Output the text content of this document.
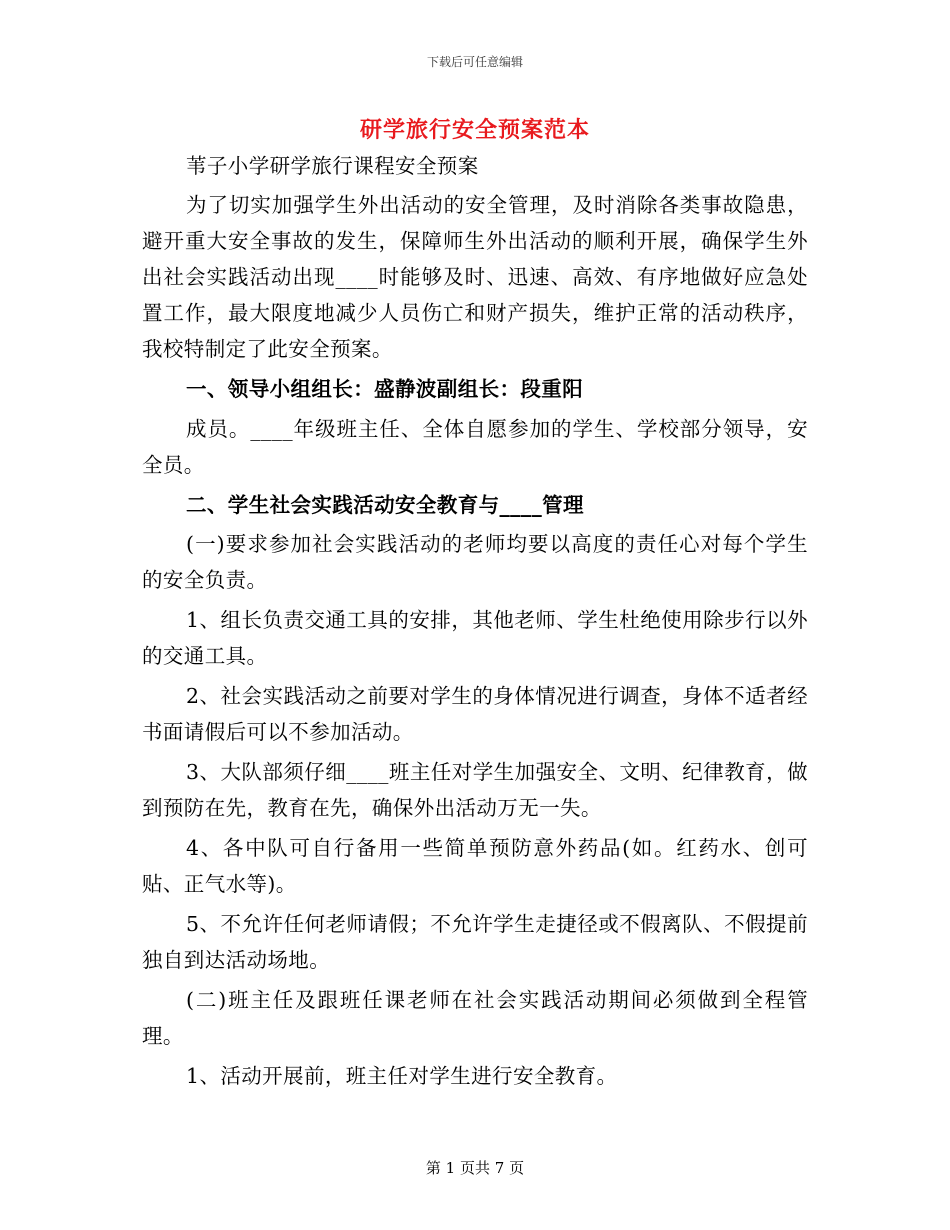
下载后可任意编辑
研学旅行安全预案范本

苇子小学研学旅行课程安全预案

为了切实加强学生外出活动的安全管理，及时消除各类事故隐患，避开重大安全事故的发生，保障师生外出活动的顺利开展，确保学生外出社会实践活动出现____时能够及时、迅速、高效、有序地做好应急处置工作，最大限度地减少人员伤亡和财产损失，维护正常的活动秩序，我校特制定了此安全预案。

一、领导小组组长：盛静波副组长：段重阳

成员。____年级班主任、全体自愿参加的学生、学校部分领导，安全员。

二、学生社会实践活动安全教育与____管理

(一)要求参加社会实践活动的老师均要以高度的责任心对每个学生的安全负责。

1、组长负责交通工具的安排，其他老师、学生杜绝使用除步行以外的交通工具。

2、社会实践活动之前要对学生的身体情况进行调查，身体不适者经书面请假后可以不参加活动。

3、大队部须仔细____班主任对学生加强安全、文明、纪律教育，做到预防在先，教育在先，确保外出活动万无一失。

4、各中队可自行备用一些简单预防意外药品(如。红药水、创可贴、正气水等)。

5、不允许任何老师请假；不允许学生走捷径或不假离队、不假提前独自到达活动场地。

(二)班主任及跟班任课老师在社会实践活动期间必须做到全程管理。

1、活动开展前，班主任对学生进行安全教育。

第 1 页共 7 页
